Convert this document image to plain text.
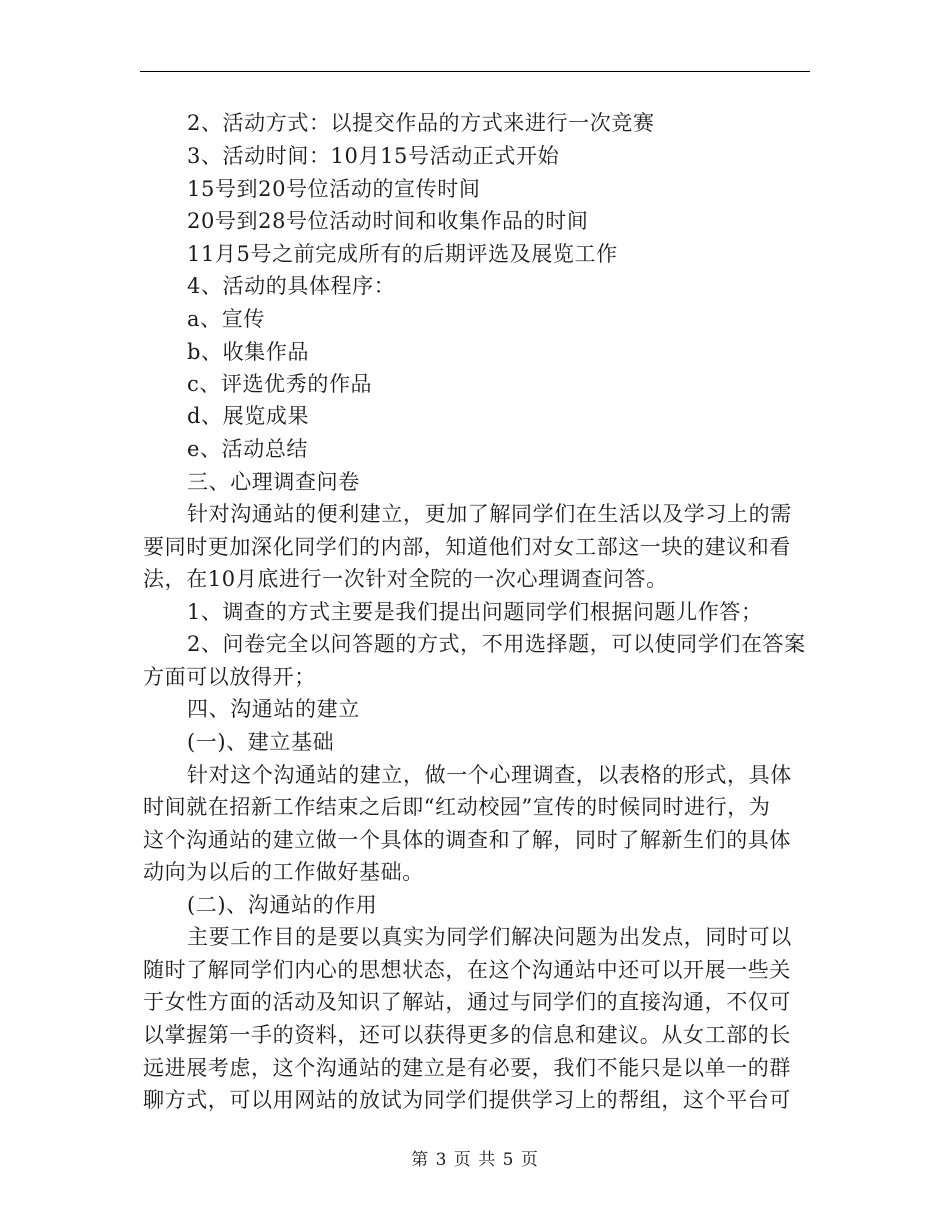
2、活动方式：以提交作品的方式来进行一次竞赛
3、活动时间：10月15号活动正式开始
15号到20号位活动的宣传时间
20号到28号位活动时间和收集作品的时间
11月5号之前完成所有的后期评选及展览工作
4、活动的具体程序：
a、宣传
b、收集作品
c、评选优秀的作品
d、展览成果
e、活动总结
三、心理调查问卷
针对沟通站的便利建立，更加了解同学们在生活以及学习上的需
要同时更加深化同学们的内部，知道他们对女工部这一块的建议和看
法，在10月底进行一次针对全院的一次心理调查问答。
1、调查的方式主要是我们提出问题同学们根据问题儿作答；
2、问卷完全以问答题的方式，不用选择题，可以使同学们在答案
方面可以放得开；
四、沟通站的建立
(一)、建立基础
针对这个沟通站的建立，做一个心理调查，以表格的形式，具体
时间就在招新工作结束之后即“红动校园”宣传的时候同时进行，为
这个沟通站的建立做一个具体的调查和了解，同时了解新生们的具体
动向为以后的工作做好基础。
(二)、沟通站的作用
主要工作目的是要以真实为同学们解决问题为出发点，同时可以
随时了解同学们内心的思想状态，在这个沟通站中还可以开展一些关
于女性方面的活动及知识了解站，通过与同学们的直接沟通，不仅可
以掌握第一手的资料，还可以获得更多的信息和建议。从女工部的长
远进展考虑，这个沟通站的建立是有必要，我们不能只是以单一的群
聊方式，可以用网站的放试为同学们提供学习上的帮组，这个平台可
第 3 页 共 5 页
